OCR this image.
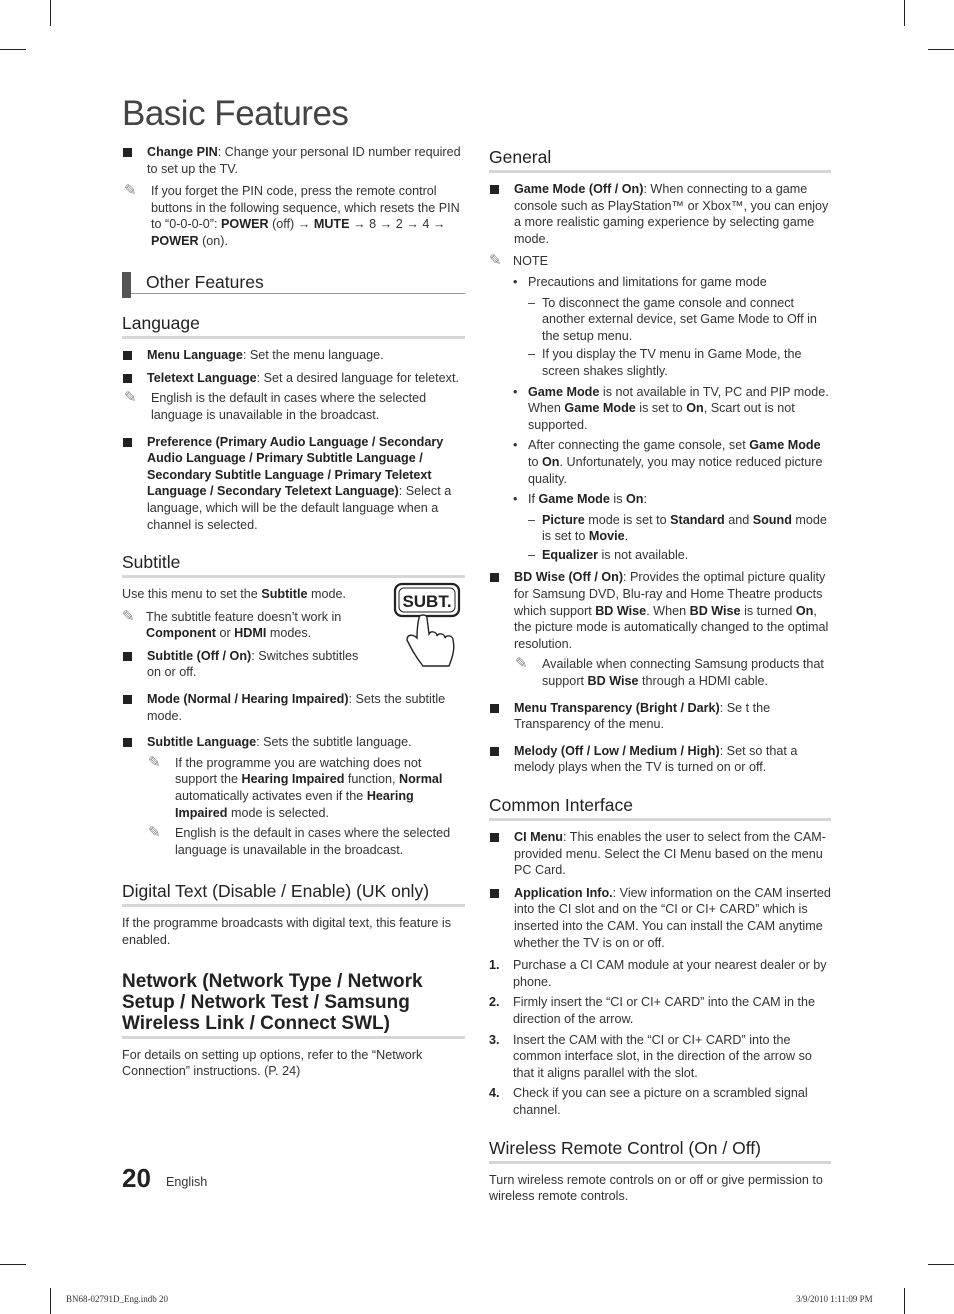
Basic Features
Change PIN: Change your personal ID number required to set up the TV.
✎ If you forget the PIN code, press the remote control buttons in the following sequence, which resets the PIN to “0-0-0-0”: POWER (off) → MUTE → 8 → 2 → 4 → POWER (on).
Other Features
Language
Menu Language: Set the menu language.
Teletext Language: Set a desired language for teletext.
✎ English is the default in cases where the selected language is unavailable in the broadcast.
Preference (Primary Audio Language / Secondary Audio Language / Primary Subtitle Language / Secondary Subtitle Language / Primary Teletext Language / Secondary Teletext Language): Select a language, which will be the default language when a channel is selected.
Subtitle
SUBT.

Use this menu to set the Subtitle mode.

✎ The subtitle feature doesn’t work in Component or HDMI modes.
Subtitle (Off / On): Switches subtitles on or off.
Mode (Normal / Hearing Impaired): Sets the subtitle mode.
Subtitle Language: Sets the subtitle language.
✎ If the programme you are watching does not support the Hearing Impaired function, Normal automatically activates even if the Hearing Impaired mode is selected.
✎ English is the default in cases where the selected language is unavailable in the broadcast.
Digital Text (Disable / Enable) (UK only)

If the programme broadcasts with digital text, this feature is enabled.

Network (Network Type / Network Setup / Network Test / Samsung Wireless Link / Connect SWL)

For details on setting up options, refer to the “Network Connection” instructions. (P. 24)

General
Game Mode (Off / On): When connecting to a game console such as PlayStation™ or Xbox™, you can enjoy a more realistic gaming experience by selecting game mode.
✎ NOTE
• Precautions and limitations for game mode
– To disconnect the game console and connect another external device, set Game Mode to Off in the setup menu.
– If you display the TV menu in Game Mode, the screen shakes slightly.
• Game Mode is not available in TV, PC and PIP mode. When Game Mode is set to On, Scart out is not supported.
• After connecting the game console, set Game Mode to On. Unfortunately, you may notice reduced picture quality.
• If Game Mode is On:
– Picture mode is set to Standard and Sound mode is set to Movie.
– Equalizer is not available.
BD Wise (Off / On): Provides the optimal picture quality for Samsung DVD, Blu-ray and Home Theatre products which support BD Wise. When BD Wise is turned On, the picture mode is automatically changed to the optimal resolution.
✎ Available when connecting Samsung products that support BD Wise through a HDMI cable.
Menu Transparency (Bright / Dark): Se t the Transparency of the menu.
Melody (Off / Low / Medium / High): Set so that a melody plays when the TV is turned on or off.
Common Interface
CI Menu: This enables the user to select from the CAM-provided menu. Select the CI Menu based on the menu PC Card.
Application Info.: View information on the CAM inserted into the CI slot and on the “CI or CI+ CARD” which is inserted into the CAM. You can install the CAM anytime whether the TV is on or off.
1. Purchase a CI CAM module at your nearest dealer or by phone.
2. Firmly insert the “CI or CI+ CARD” into the CAM in the direction of the arrow.
3. Insert the CAM with the “CI or CI+ CARD” into the common interface slot, in the direction of the arrow so that it aligns parallel with the slot.
4. Check if you can see a picture on a scrambled signal channel.
Wireless Remote Control (On / Off)

Turn wireless remote controls on or off or give permission to wireless remote controls.

20 English
BN68-02791D_Eng.indb 20	3/9/2010 1:11:09 PM
